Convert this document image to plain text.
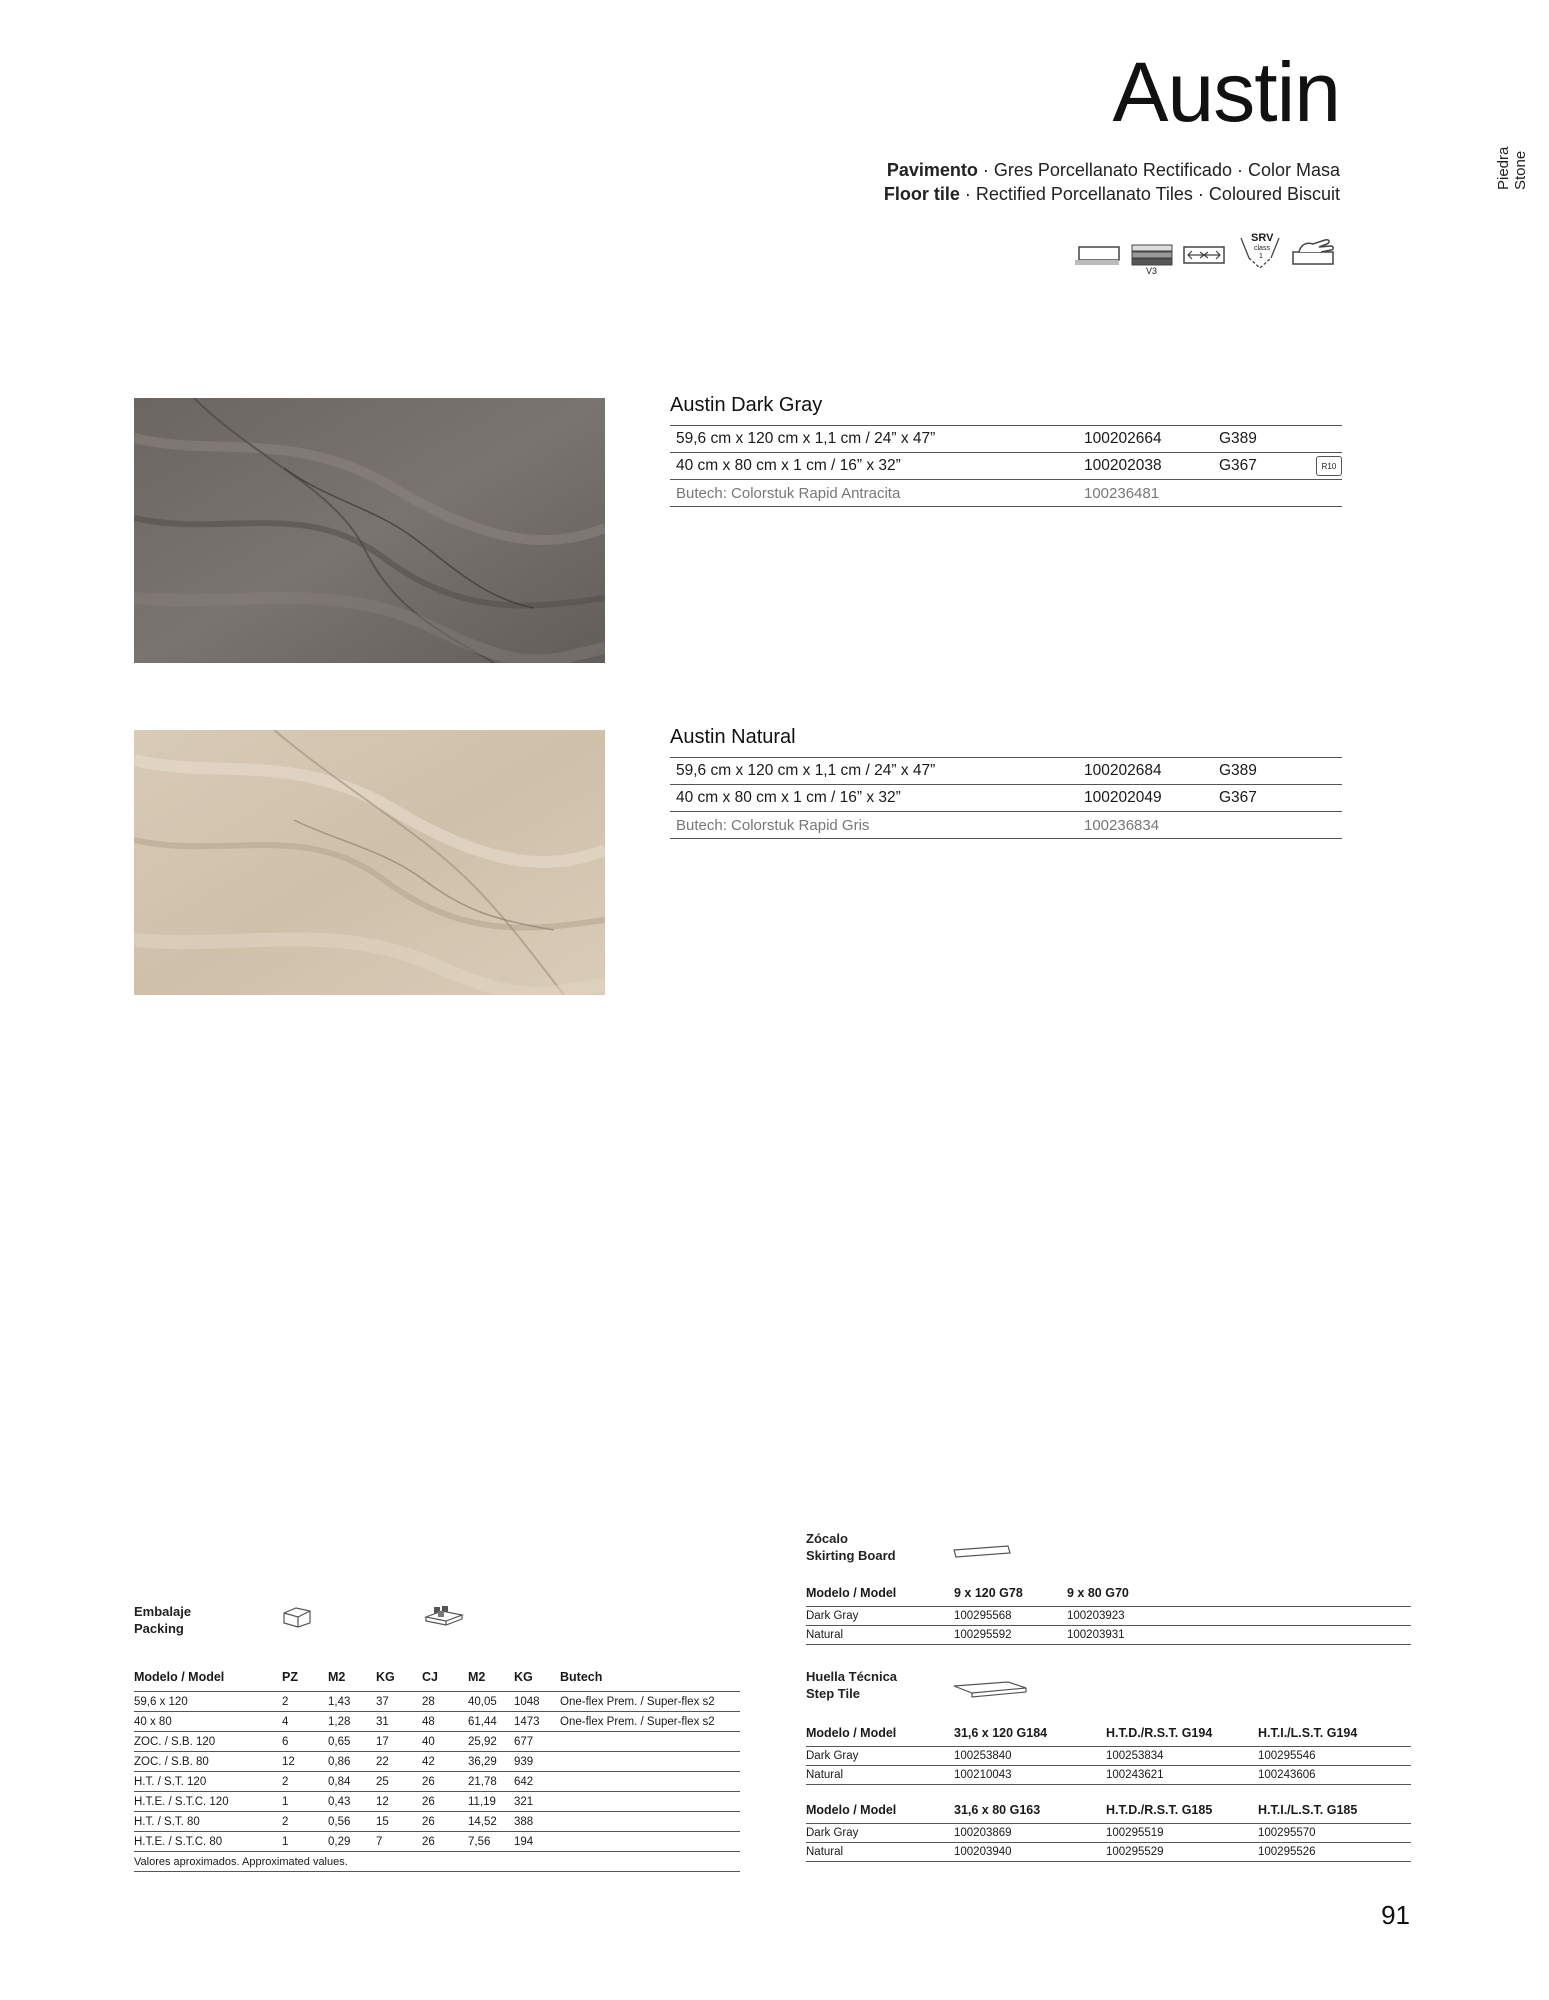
Austin
Pavimento · Gres Porcellanato Rectificado · Color Masa
Floor tile · Rectified Porcellanato Tiles · Coloured Biscuit
Piedra Stone
V3
SRV
class
1
Austin Dark Gray
59,6 cm x 120 cm x 1,1 cm / 24” x 47”	100202664	G389
40 cm x 80 cm x 1 cm / 16” x 32”	100202038	G367	R10
Butech: Colorstuk Rapid Antracita	100236481
Austin Natural
59,6 cm x 120 cm x 1,1 cm / 24” x 47”	100202684	G389
40 cm x 80 cm x 1 cm / 16” x 32”	100202049	G367
Butech: Colorstuk Rapid Gris	100236834
Embalaje
Packing
Modelo / Model	PZ	M2	KG	CJ	M2	KG	Butech
59,6 x 120	2	1,43	37	28	40,05	1048	One-flex Prem. / Super-flex s2
40 x 80	4	1,28	31	48	61,44	1473	One-flex Prem. / Super-flex s2
ZOC. / S.B. 120	6	0,65	17	40	25,92	677	
ZOC. / S.B. 80	12	0,86	22	42	36,29	939	
H.T. / S.T. 120	2	0,84	25	26	21,78	642	
H.T.E. / S.T.C. 120	1	0,43	12	26	11,19	321	
H.T. / S.T. 80	2	0,56	15	26	14,52	388	
H.T.E. / S.T.C. 80	1	0,29	7	26	7,56	194	
Valores aproximados. Approximated values.							
Zócalo
Skirting Board
Modelo / Model	9 x 120 G78	9 x 80 G70
Dark Gray	100295568	100203923
Natural	100295592	100203931
Huella Técnica
Step Tile
Modelo / Model	31,6 x 120 G184	H.T.D./R.S.T. G194	H.T.I./L.S.T. G194
Dark Gray	100253840	100253834	100295546
Natural	100210043	100243621	100243606
Modelo / Model	31,6 x 80 G163	H.T.D./R.S.T. G185	H.T.I./L.S.T. G185
Dark Gray	100203869	100295519	100295570
Natural	100203940	100295529	100295526
91
